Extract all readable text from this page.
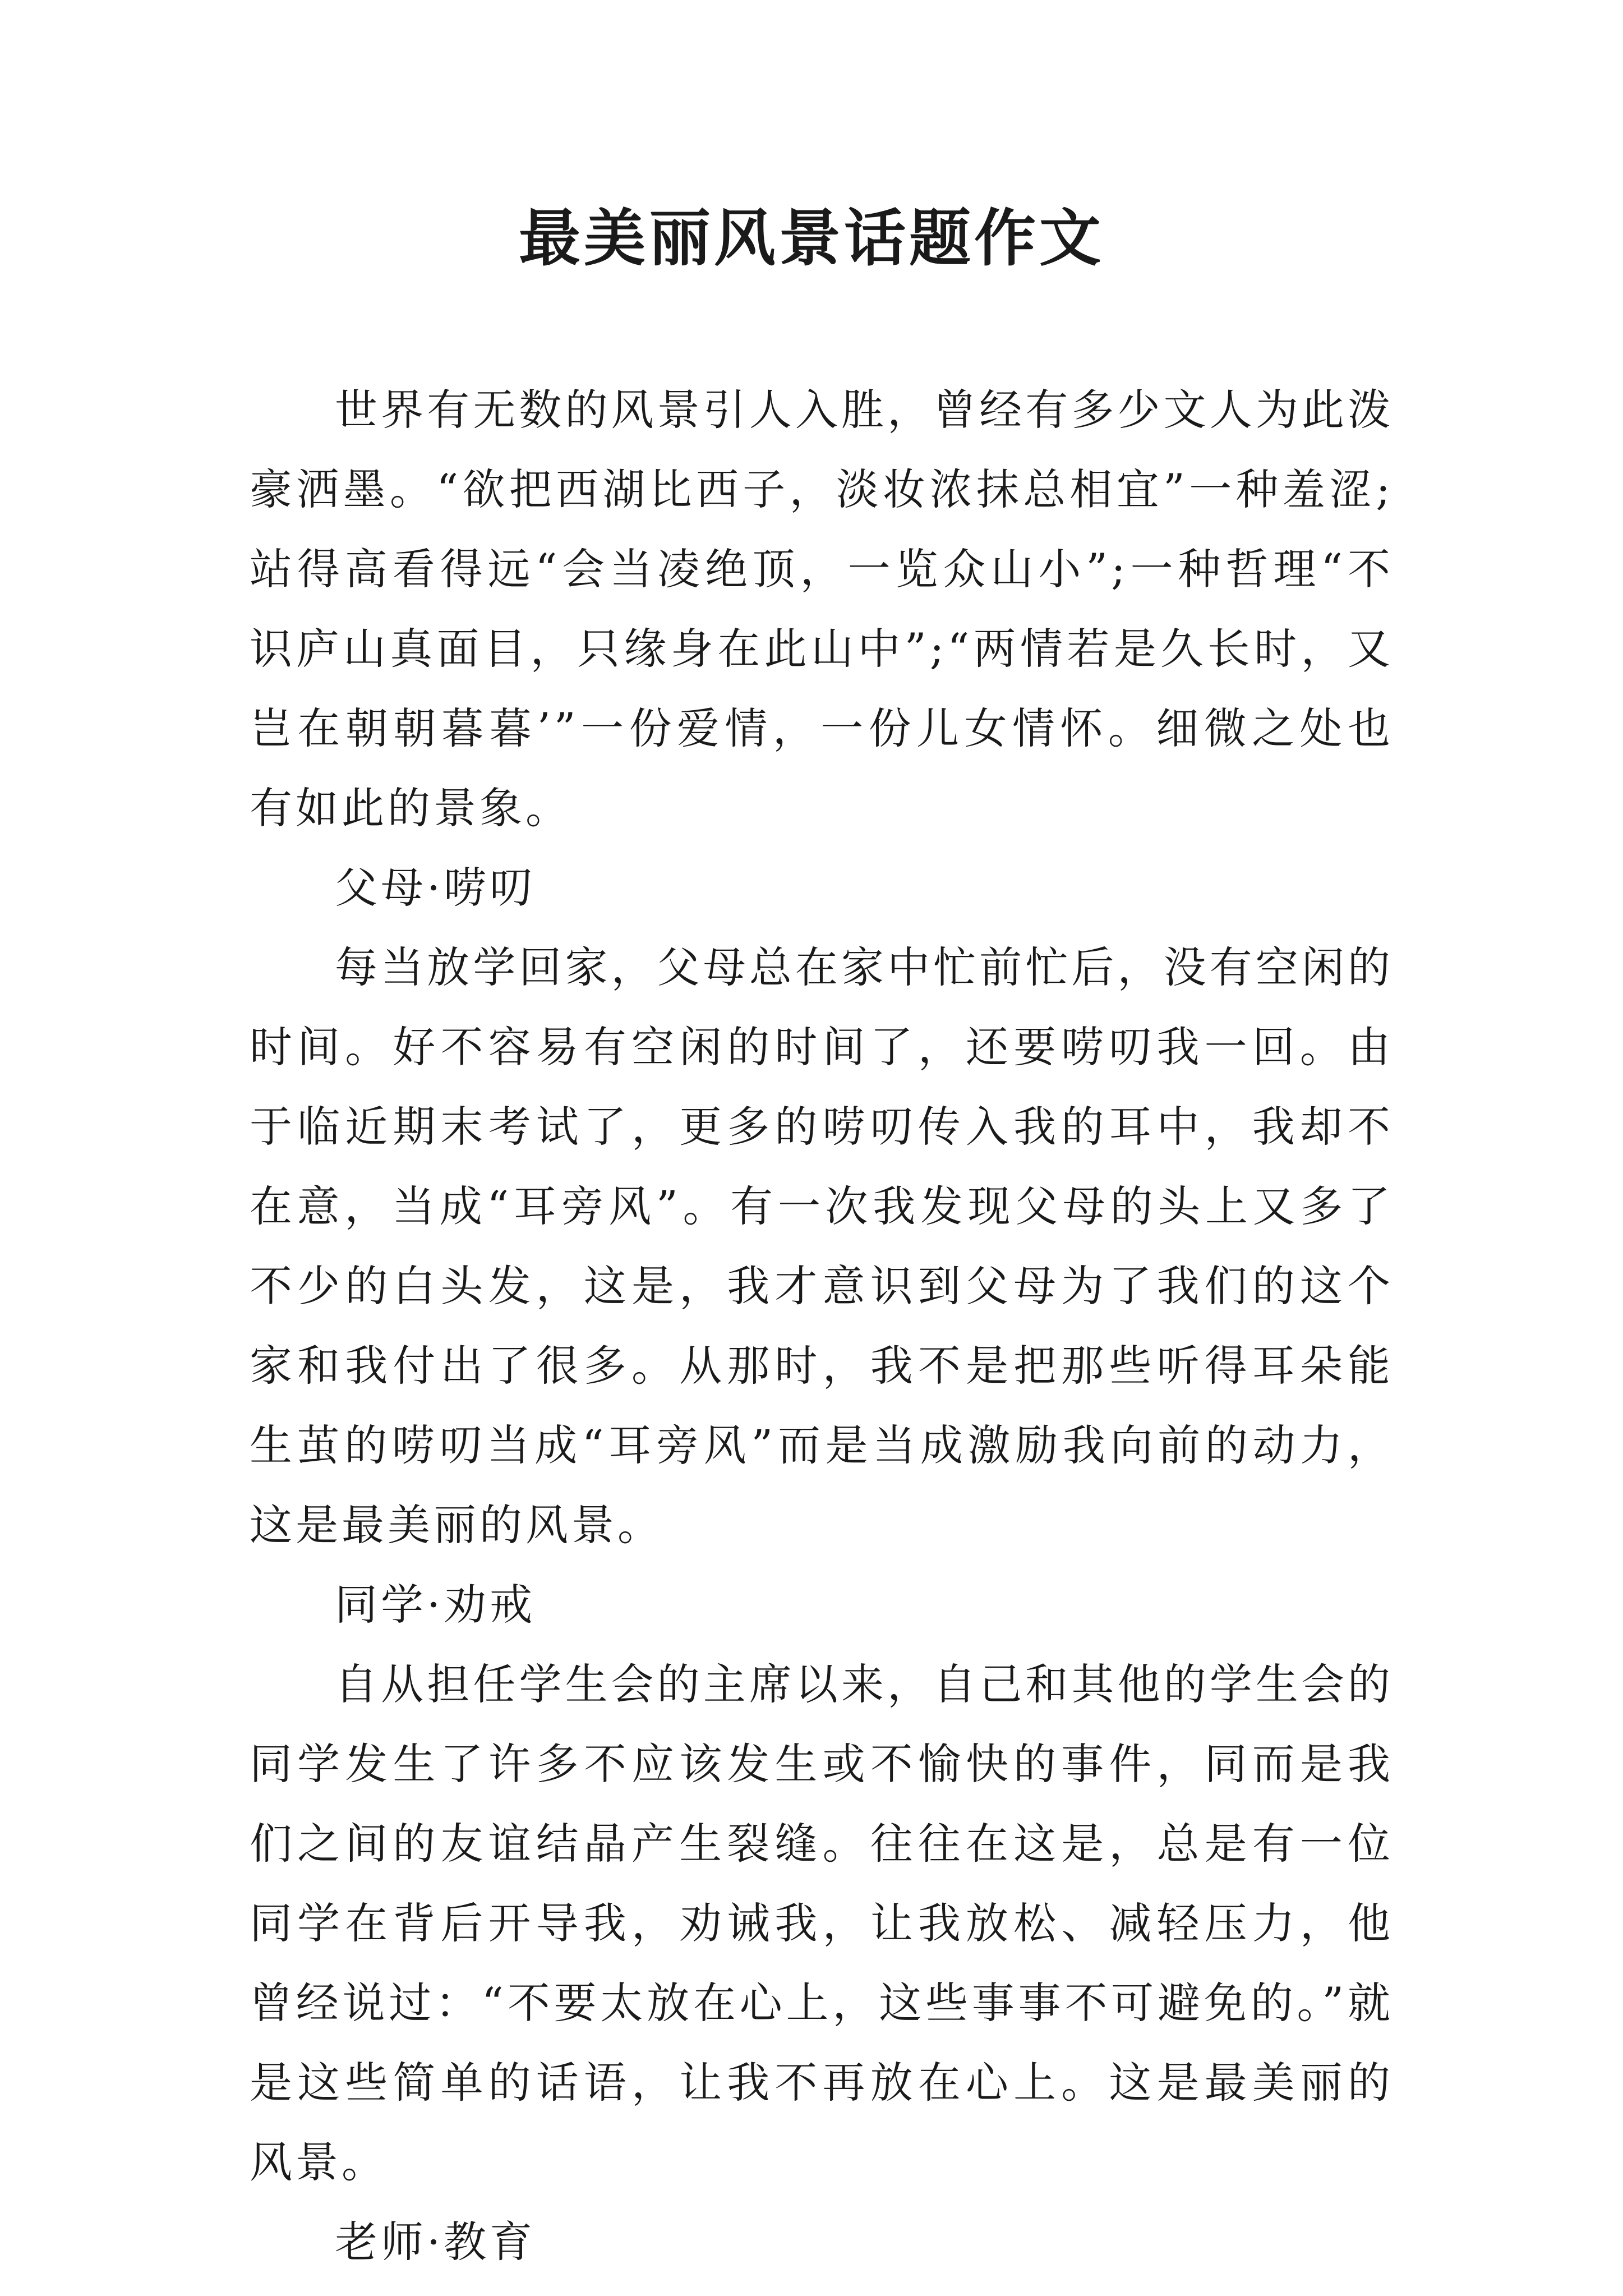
最美丽风景话题作文

世界有无数的风景引人入胜，曾经有多少文人为此泼豪洒墨。“欲把西湖比西子，淡妆浓抹总相宜”一种羞涩;站得高看得远“会当凌绝顶，一览众山小”;一种哲理“不识庐山真面目，只缘身在此山中”;“两情若是久长时，又岂在朝朝暮暮’”一份爱情，一份儿女情怀。细微之处也有如此的景象。

父母·唠叨

每当放学回家，父母总在家中忙前忙后，没有空闲的时间。好不容易有空闲的时间了，还要唠叨我一回。由于临近期末考试了，更多的唠叨传入我的耳中，我却不在意，当成“耳旁风”。有一次我发现父母的头上又多了不少的白头发，这是，我才意识到父母为了我们的这个家和我付出了很多。从那时，我不是把那些听得耳朵能生茧的唠叨当成“耳旁风”而是当成激励我向前的动力，这是最美丽的风景。

同学·劝戒

自从担任学生会的主席以来，自己和其他的学生会的同学发生了许多不应该发生或不愉快的事件，同而是我们之间的友谊结晶产生裂缝。往往在这是，总是有一位同学在背后开导我，劝诫我，让我放松、减轻压力，他曾经说过：“不要太放在心上，这些事事不可避免的。”就是这些简单的话语，让我不再放在心上。这是最美丽的风景。

老师·教育
